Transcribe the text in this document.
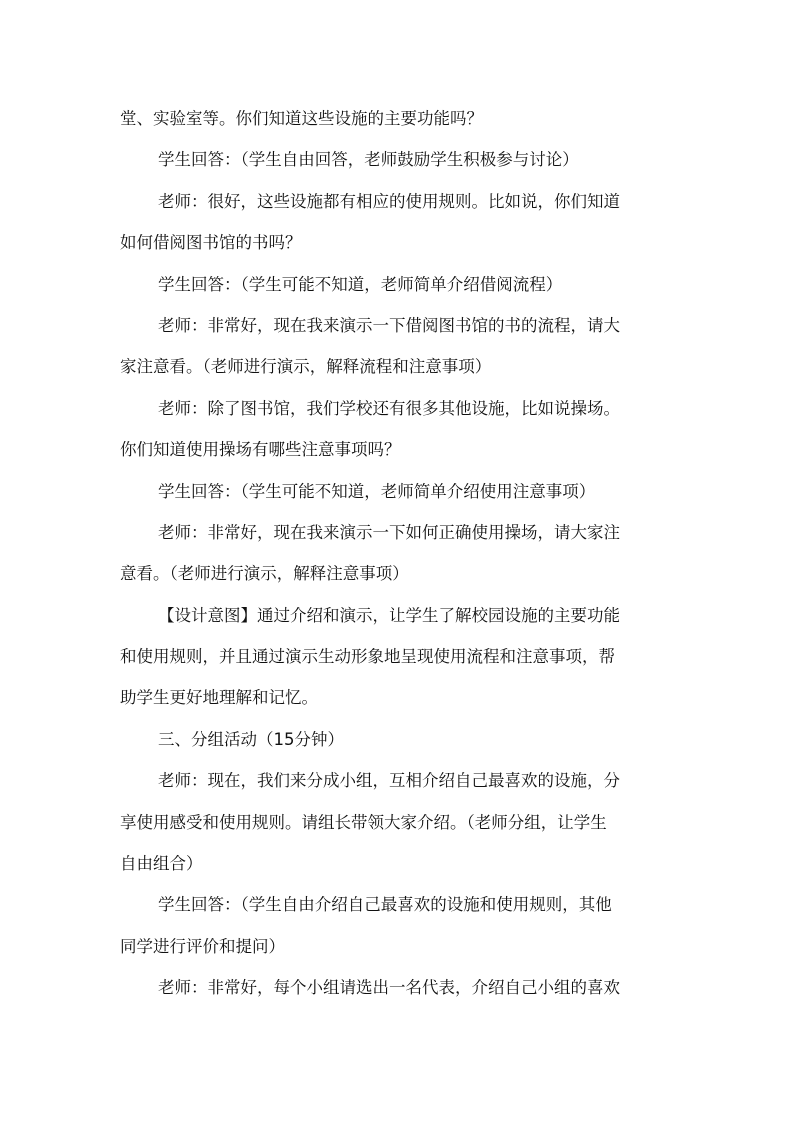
堂、实验室等。你们知道这些设施的主要功能吗？
学生回答：（学生自由回答，老师鼓励学生积极参与讨论）
老师：很好，这些设施都有相应的使用规则。比如说，你们知道
如何借阅图书馆的书吗？
学生回答：（学生可能不知道，老师简单介绍借阅流程）
老师：非常好，现在我来演示一下借阅图书馆的书的流程，请大
家注意看。（老师进行演示，解释流程和注意事项）
老师：除了图书馆，我们学校还有很多其他设施，比如说操场。
你们知道使用操场有哪些注意事项吗？
学生回答：（学生可能不知道，老师简单介绍使用注意事项）
老师：非常好，现在我来演示一下如何正确使用操场，请大家注
意看。（老师进行演示，解释注意事项）
【设计意图】通过介绍和演示，让学生了解校园设施的主要功能
和使用规则，并且通过演示生动形象地呈现使用流程和注意事项，帮
助学生更好地理解和记忆。
三、分组活动（15分钟）
老师：现在，我们来分成小组，互相介绍自己最喜欢的设施，分
享使用感受和使用规则。请组长带领大家介绍。（老师分组，让学生
自由组合）
学生回答：（学生自由介绍自己最喜欢的设施和使用规则，其他
同学进行评价和提问）
老师：非常好，每个小组请选出一名代表，介绍自己小组的喜欢
